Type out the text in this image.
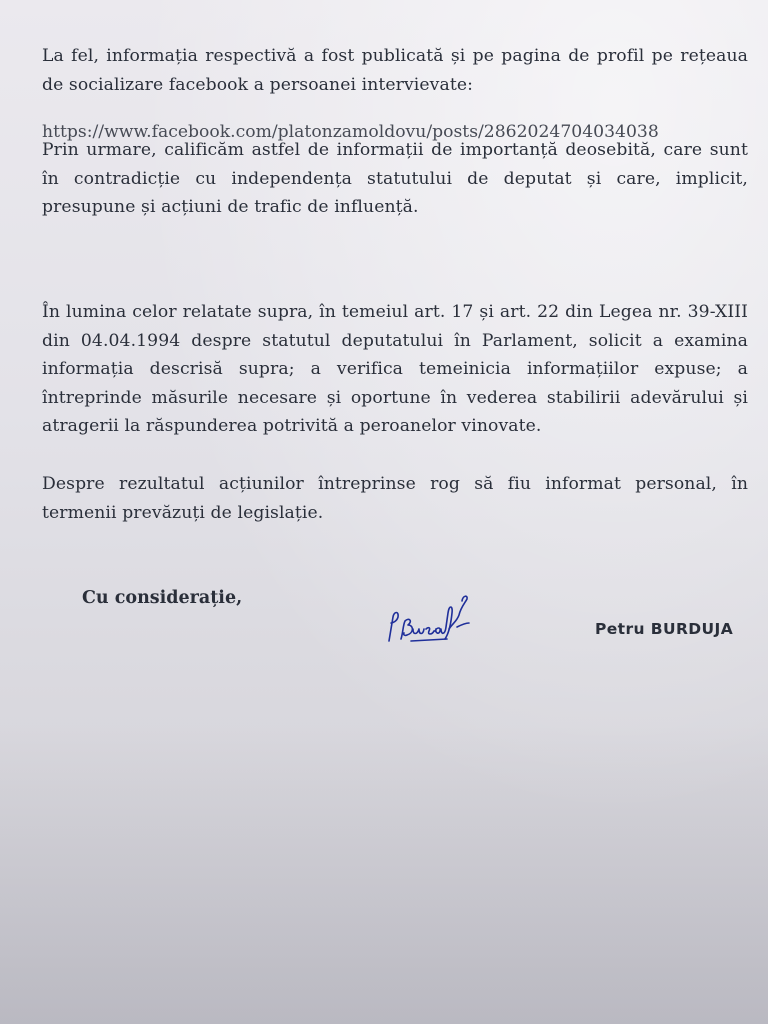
La fel, informația respectivă a fost publicată și pe pagina de profil pe rețeaua de socializare facebook a persoanei intervievate:
https://www.facebook.com/platonzamoldovu/posts/2862024704034038
Prin urmare, calificăm astfel de informații de importanță deosebită, care sunt în contradicție cu independența statutului de deputat și care, implicit, presupune și acțiuni de trafic de influență.
În lumina celor relatate supra, în temeiul art. 17 și art. 22 din Legea nr. 39-XIII din 04.04.1994 despre statutul deputatului în Parlament, solicit a examina informația descrisă supra; a verifica temeinicia informațiilor expuse; a întreprinde măsurile necesare și oportune în vederea stabilirii adevărului și atragerii la răspunderea potrivită a peroanelor vinovate.
Despre rezultatul acțiunilor întreprinse rog să fiu informat personal, în termenii prevăzuți de legislație.
Cu considerație,
Petru BURDUJA
